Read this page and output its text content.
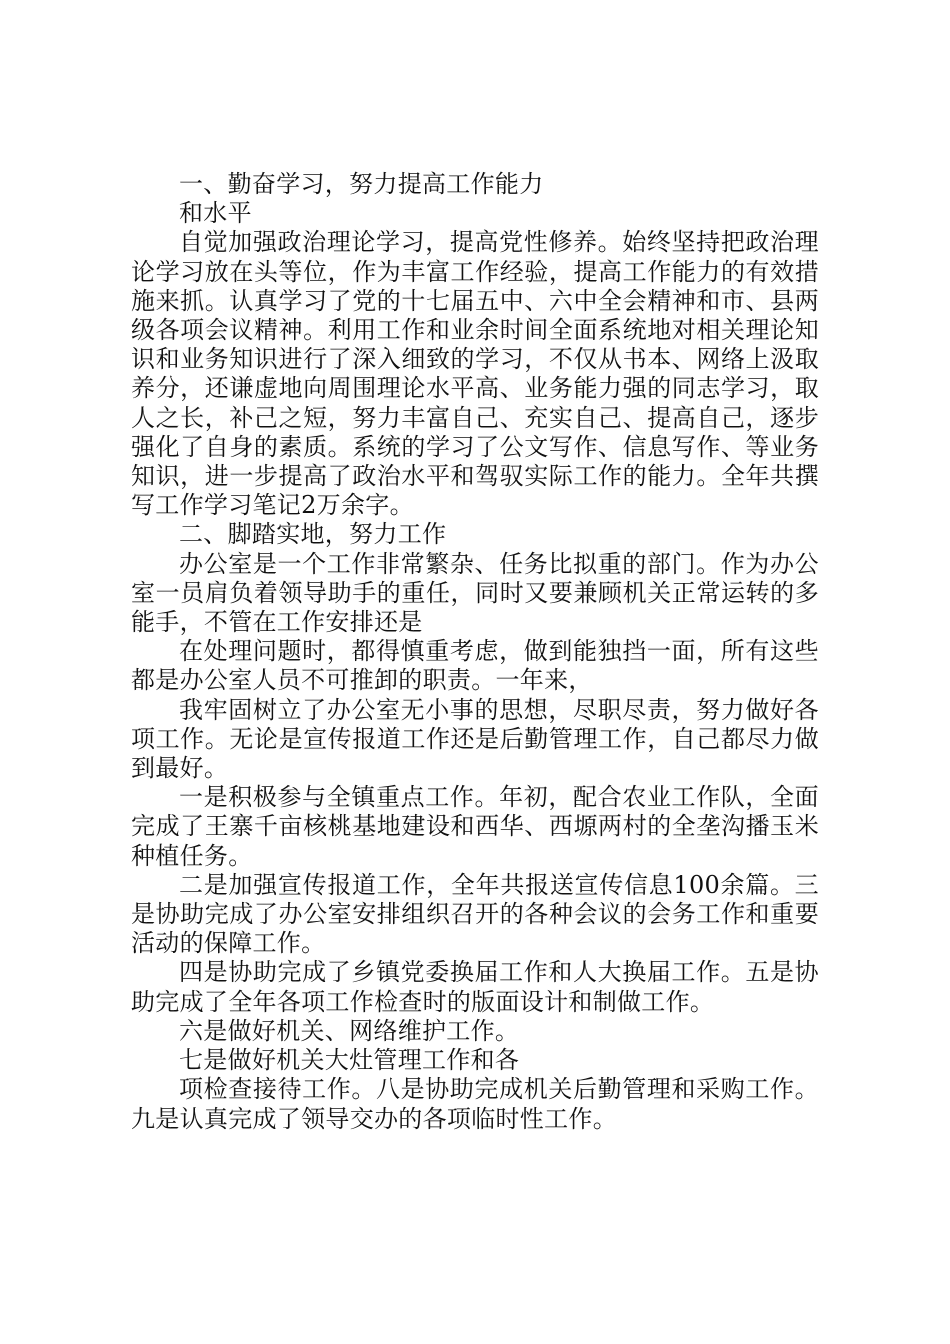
一、勤奋学习，努力提高工作能力

和水平

自觉加强政治理论学习，提高党性修养。始终坚持把政治理论学习放在头等位，作为丰富工作经验，提高工作能力的有效措施来抓。认真学习了党的十七届五中、六中全会精神和市、县两级各项会议精神。利用工作和业余时间全面系统地对相关理论知识和业务知识进行了深入细致的学习，不仅从书本、网络上汲取养分，还谦虚地向周围理论水平高、业务能力强的同志学习，取人之长，补己之短，努力丰富自己、充实自己、提高自己，逐步强化了自身的素质。系统的学习了公文写作、信息写作、等业务知识，进一步提高了政治水平和驾驭实际工作的能力。全年共撰写工作学习笔记2万余字。

二、脚踏实地，努力工作

办公室是一个工作非常繁杂、任务比拟重的部门。作为办公室一员肩负着领导助手的重任，同时又要兼顾机关正常运转的多能手，不管在工作安排还是

在处理问题时，都得慎重考虑，做到能独挡一面，所有这些都是办公室人员不可推卸的职责。一年来，

我牢固树立了办公室无小事的思想，尽职尽责，努力做好各项工作。无论是宣传报道工作还是后勤管理工作，自己都尽力做到最好。

一是积极参与全镇重点工作。年初，配合农业工作队，全面完成了王寨千亩核桃基地建设和西华、西塬两村的全垄沟播玉米种植任务。

二是加强宣传报道工作，全年共报送宣传信息100余篇。三是协助完成了办公室安排组织召开的各种会议的会务工作和重要活动的保障工作。

四是协助完成了乡镇党委换届工作和人大换届工作。五是协助完成了全年各项工作检查时的版面设计和制做工作。

六是做好机关、网络维护工作。

七是做好机关大灶管理工作和各

项检查接待工作。八是协助完成机关后勤管理和采购工作。九是认真完成了领导交办的各项临时性工作。
